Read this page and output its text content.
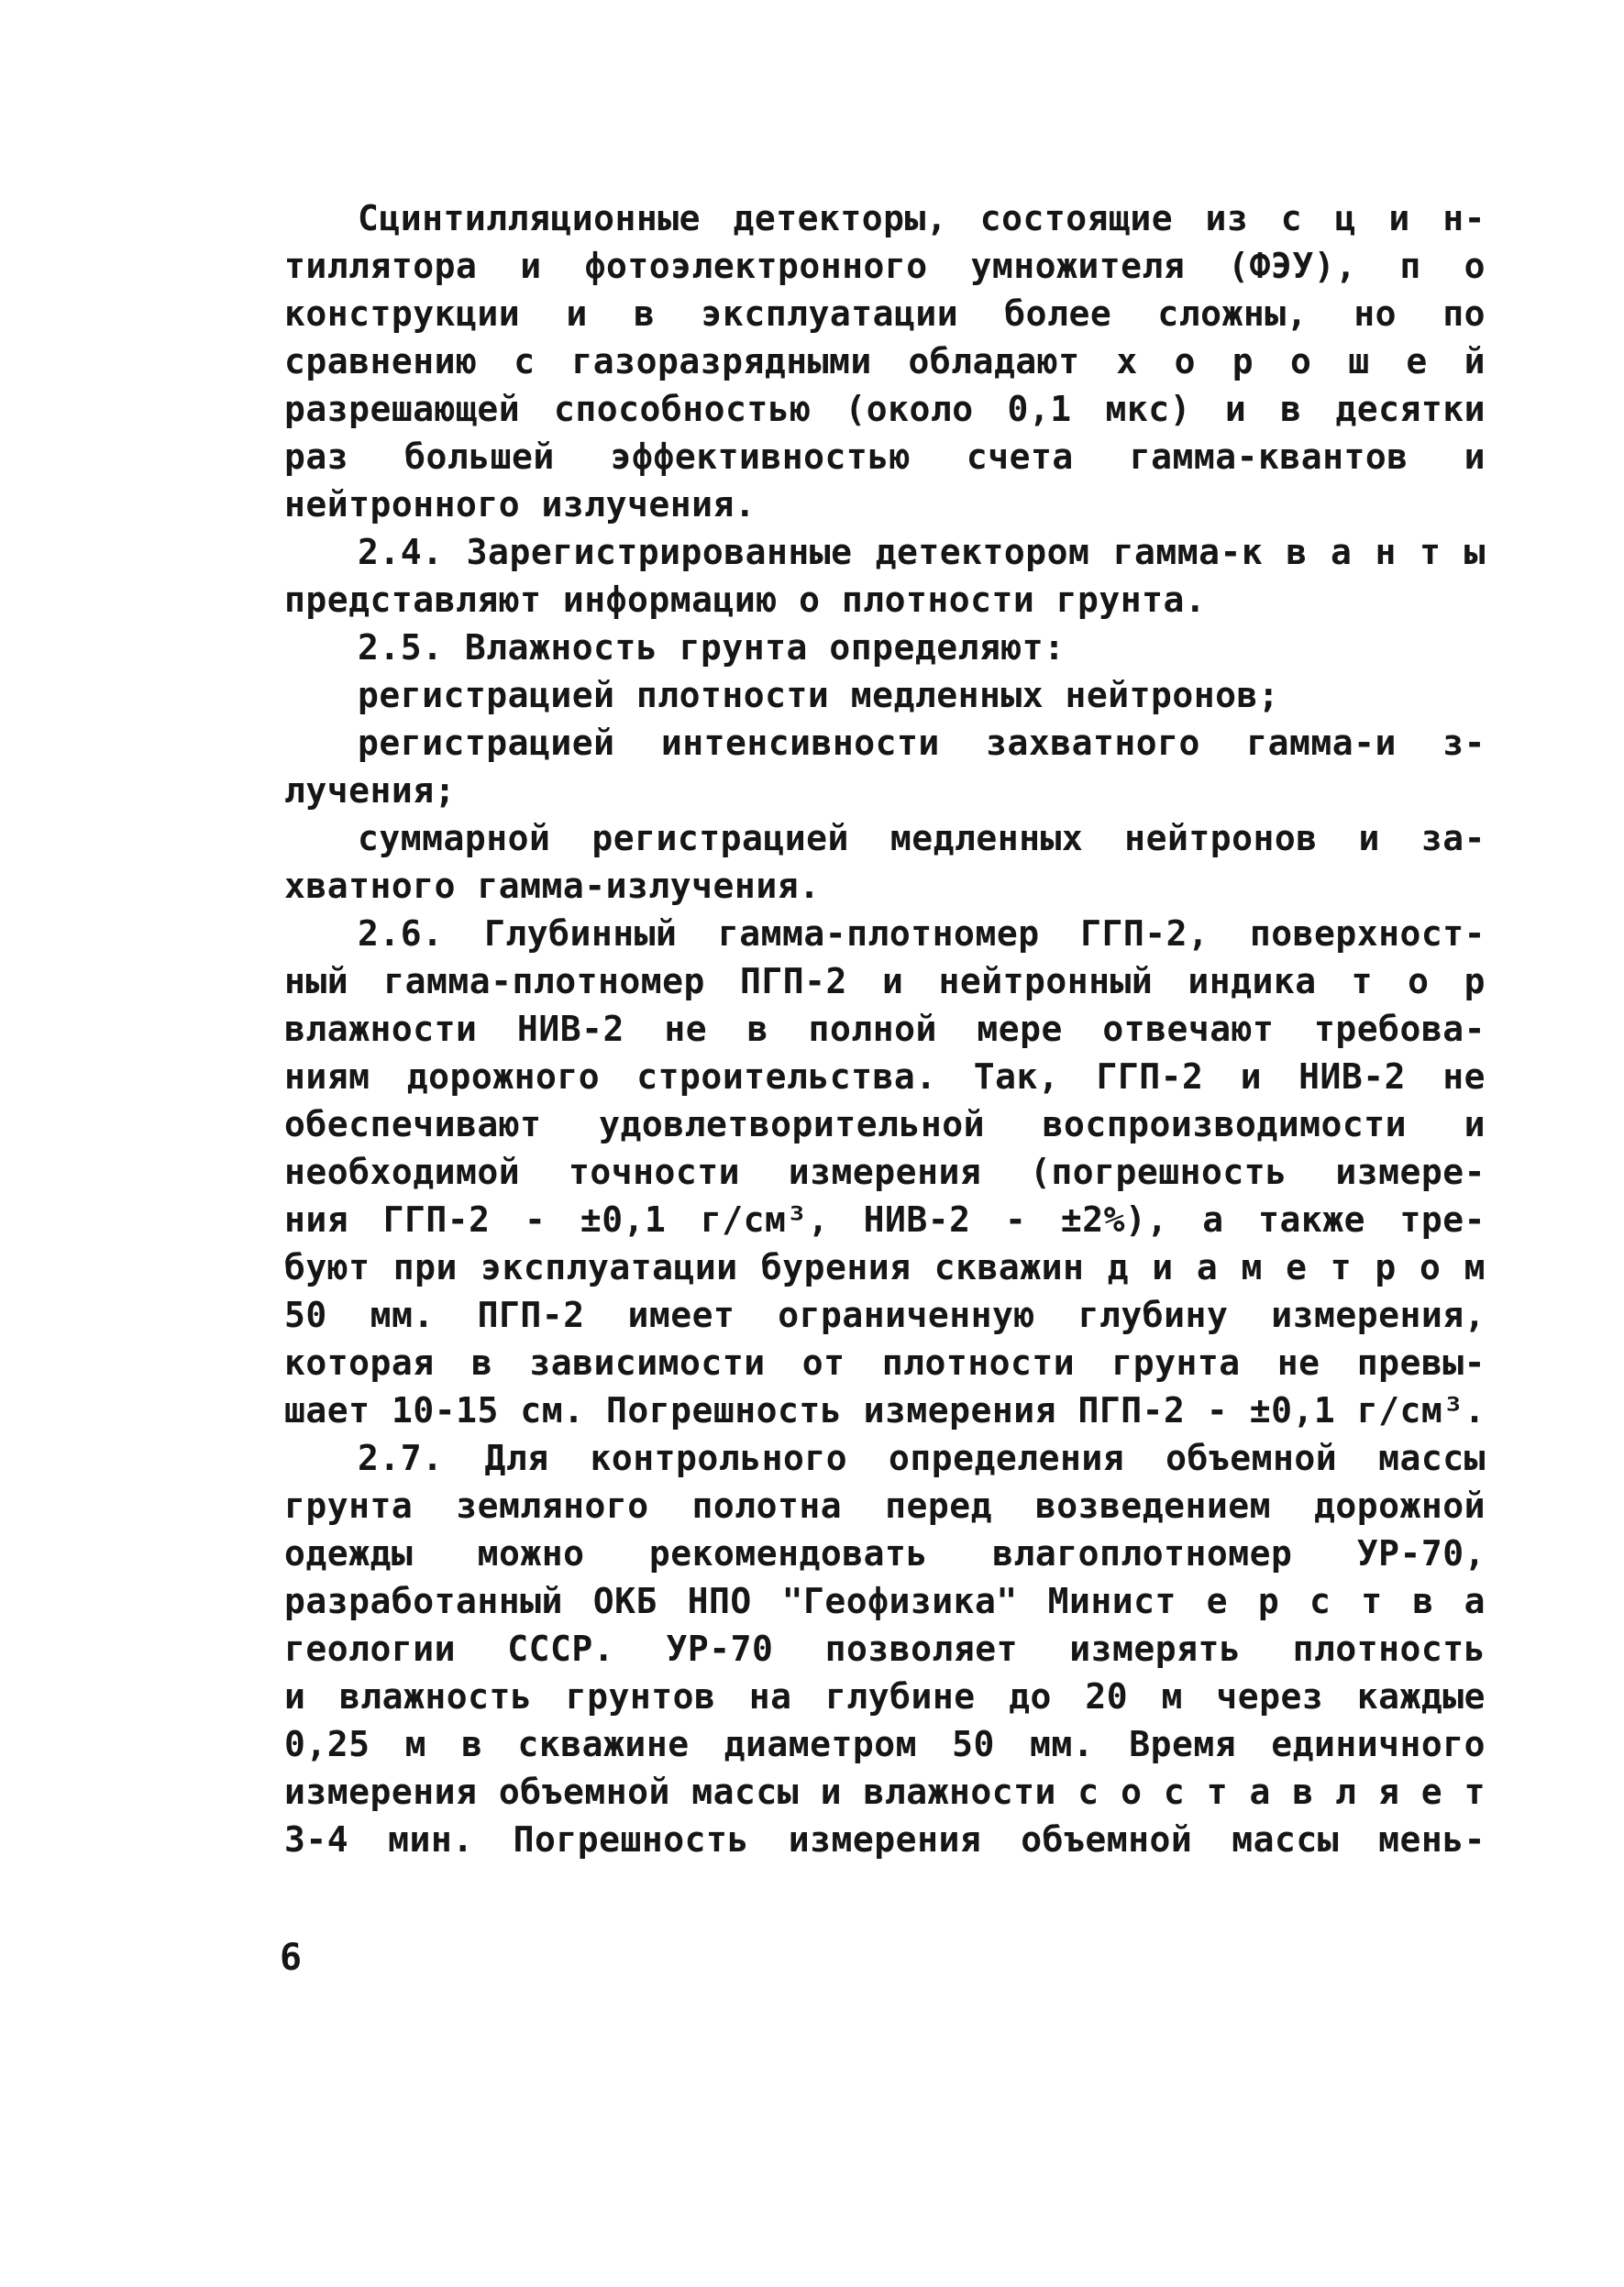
Сцинтилляционные детекторы, состоящие из с ц и н-
тиллятора и фотоэлектронного умножителя (ФЭУ), п о
конструкции и в эксплуатации более сложны, но по
сравнению с газоразрядными обладают х о р о ш е й
разрешающей способностью (около 0,1 мкс) и в десятки
раз большей эффективностью счета гамма-квантов и
нейтронного излучения.
2.4. Зарегистрированные детектором гамма-к в а н т ы
представляют информацию о плотности грунта.
2.5. Влажность грунта определяют:
регистрацией плотности медленных нейтронов;
регистрацией интенсивности захватного гамма-и з-
лучения;
суммарной регистрацией медленных нейтронов и за-
хватного гамма-излучения.
2.6. Глубинный гамма-плотномер ГГП-2, поверхност-
ный гамма-плотномер ПГП-2 и нейтронный индика т о р
влажности НИВ-2 не в полной мере отвечают требова-
ниям дорожного строительства. Так, ГГП-2 и НИВ-2 не
обеспечивают удовлетворительной воспроизводимости и
необходимой точности измерения (погрешность измере-
ния ГГП-2 - ±0,1 г/см³, НИВ-2 - ±2%), а также тре-
буют при эксплуатации бурения скважин д и а м е т р о м
50 мм. ПГП-2 имеет ограниченную глубину измерения,
которая в зависимости от плотности грунта не превы-
шает 10-15 см. Погрешность измерения ПГП-2 - ±0,1 г/см³.
2.7. Для контрольного определения объемной массы
грунта земляного полотна перед возведением дорожной
одежды можно рекомендовать влагоплотномер УР-70,
разработанный ОКБ НПО "Геофизика" Минист е р с т в а
геологии СССР. УР-70 позволяет измерять плотность
и влажность грунтов на глубине до 20 м через каждые
0,25 м в скважине диаметром 50 мм. Время единичного
измерения объемной массы и влажности с о с т а в л я е т
3-4 мин. Погрешность измерения объемной массы мень-
6
